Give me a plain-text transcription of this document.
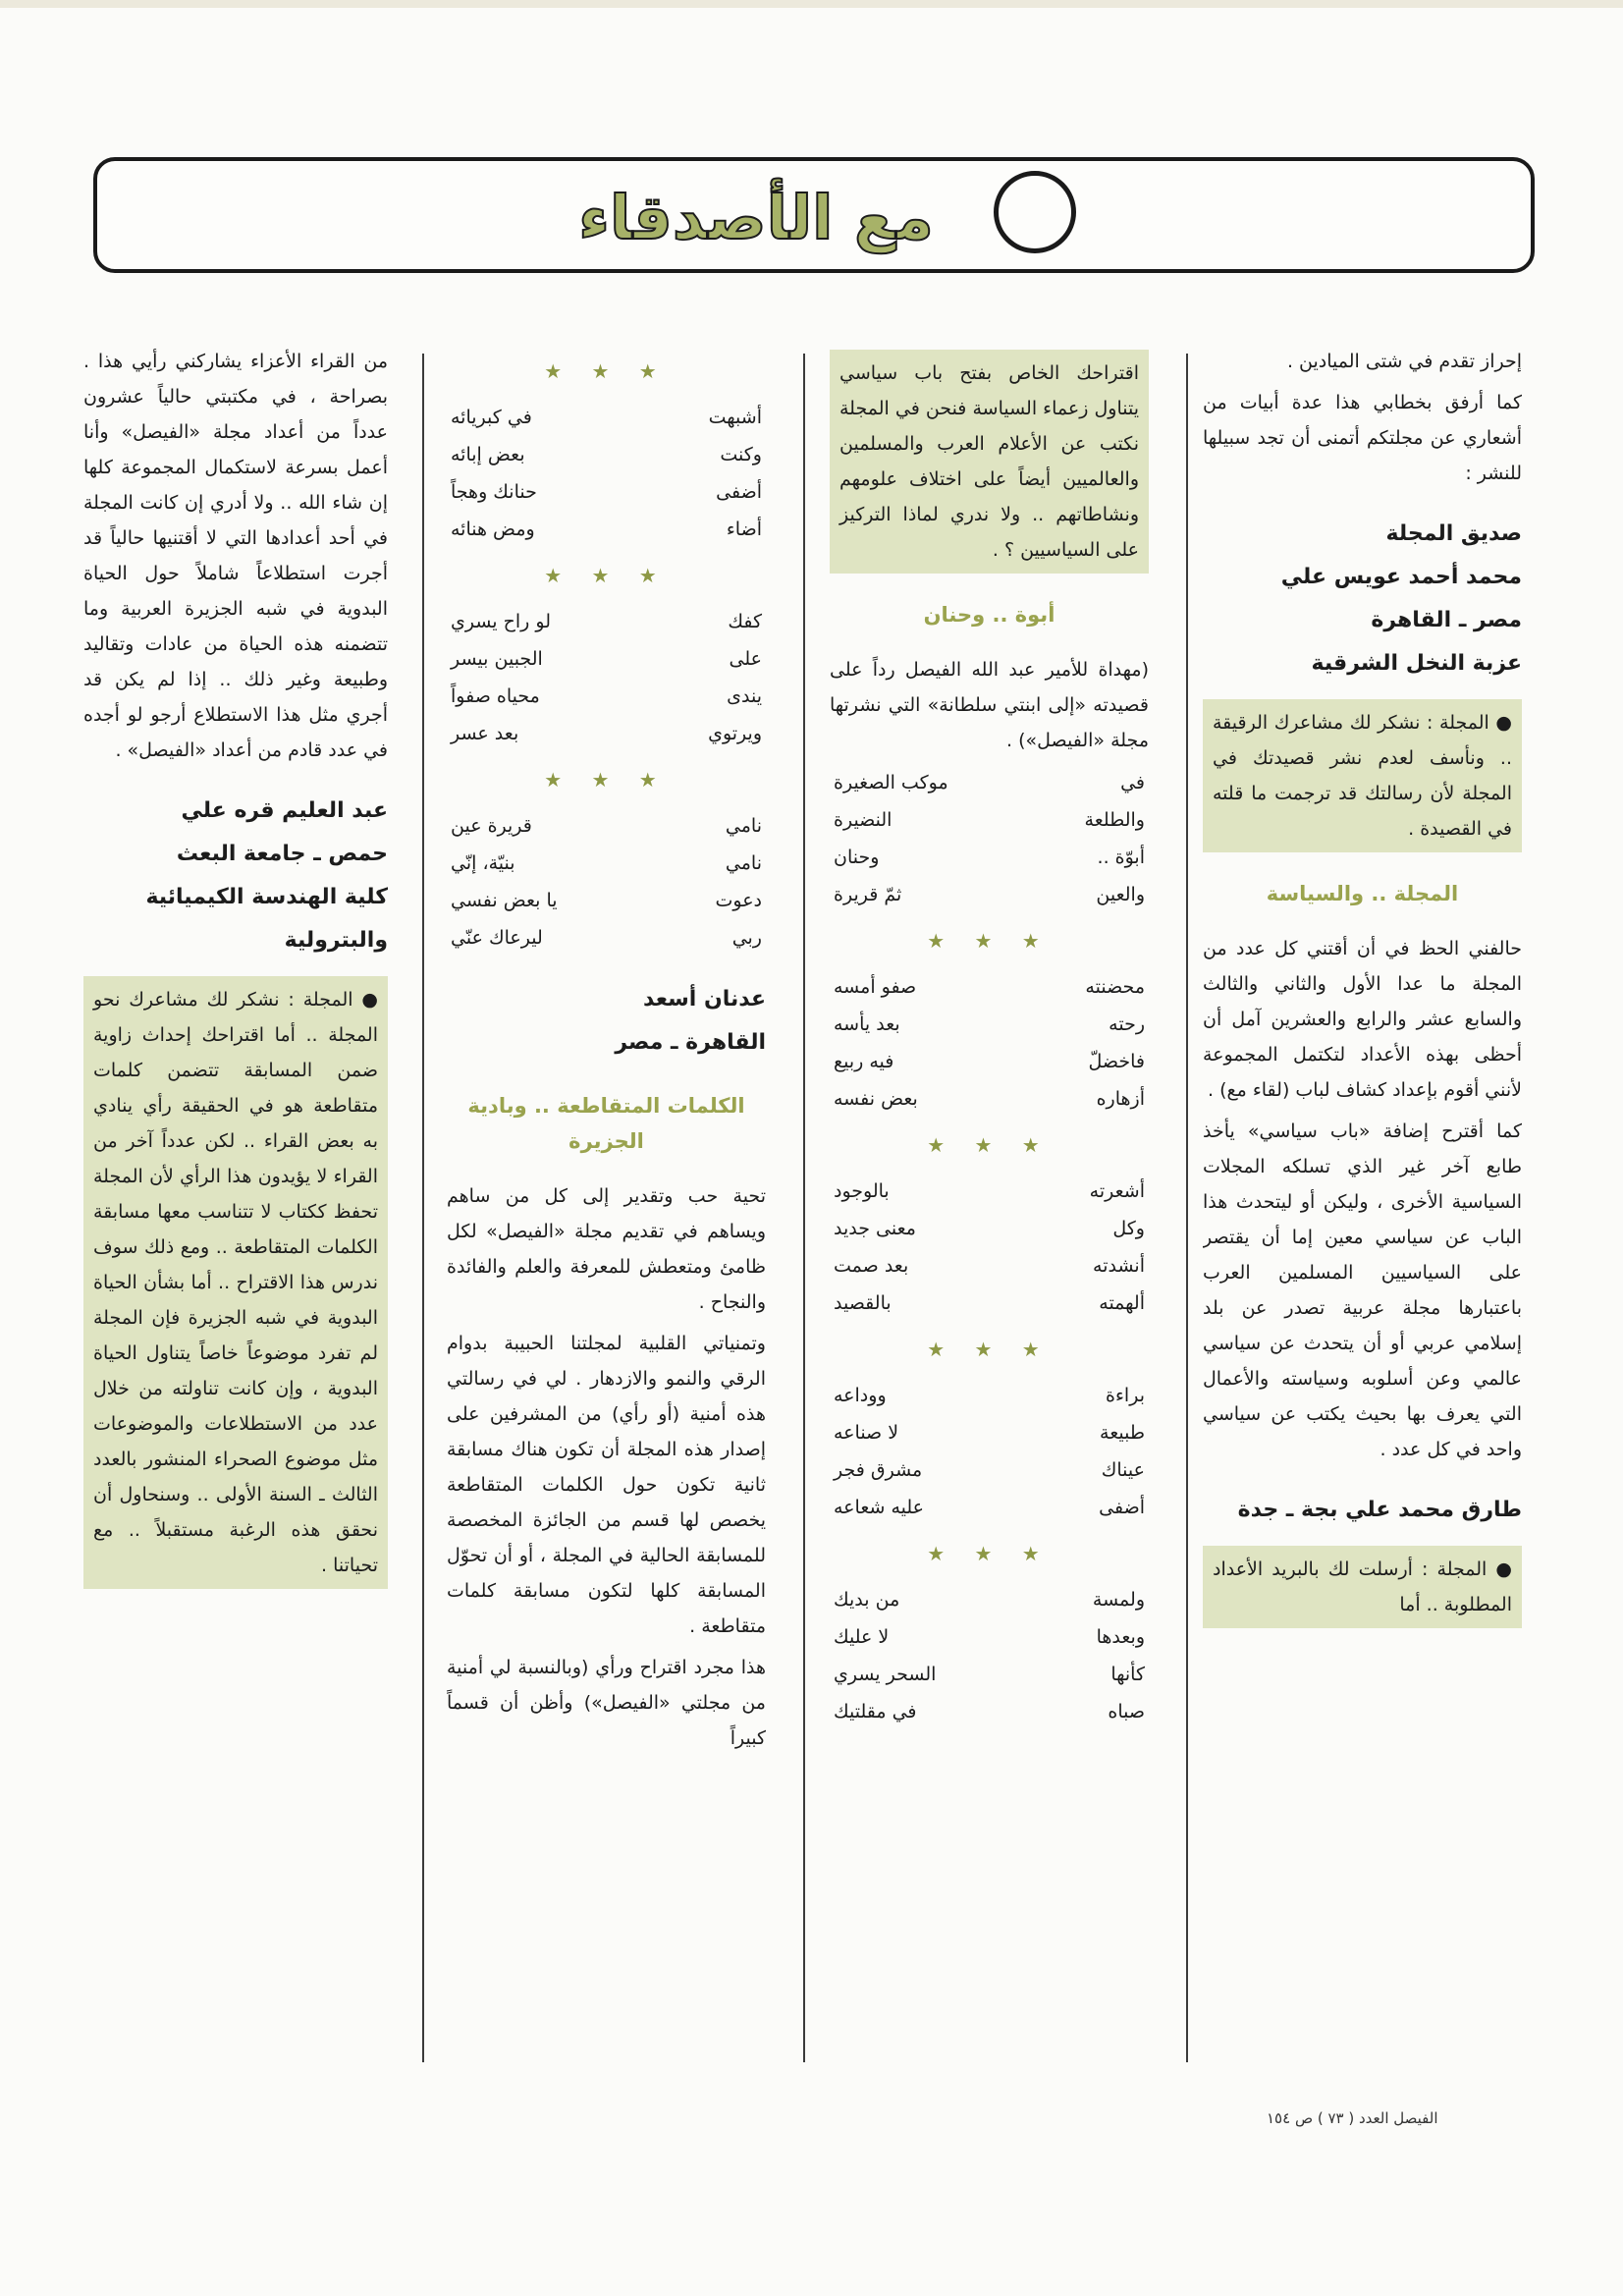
مع الأصدقاء

إحراز تقدم في شتى الميادين .

كما أرفق بخطابي هذا عدة أبيات من أشعاري عن مجلتكم أتمنى أن تجد سبيلها للنشر :

صديق المجلة
محمد أحمد عويس علي
مصر ـ القاهرة
عزبة النخل الشرقية
● المجلة : نشكر لك مشاعرك الرقيقة .. ونأسف لعدم نشر قصيدتك في المجلة لأن رسالتك قد ترجمت ما قلته في القصيدة .
المجلة .. والسياسة

حالفني الحظ في أن أقتني كل عدد من المجلة ما عدا الأول والثاني والثالث والسابع عشر والرابع والعشرين آمل أن أحظى بهذه الأعداد لتكتمل المجموعة لأنني أقوم بإعداد كشاف لباب (لقاء مع) .

كما أقترح إضافة «باب سياسي» يأخذ طابع آخر غير الذي تسلكه المجلات السياسية الأخرى ، وليكن أو ليتحدث هذا الباب عن سياسي معين إما أن يقتصر على السياسيين المسلمين العرب باعتبارها مجلة عربية تصدر عن بلد إسلامي عربي أو أن يتحدث عن سياسي عالمي وعن أسلوبه وسياسته والأعمال التي يعرف بها بحيث يكتب عن سياسي واحد في كل عدد .

طارق محمد علي بجة ـ جدة
● المجلة : أرسلت لك بالبريد الأعداد المطلوبة .. أما
اقتراحك الخاص بفتح باب سياسي يتناول زعماء السياسة فنحن في المجلة نكتب عن الأعلام العرب والمسلمين والعالميين أيضاً على اختلاف علومهم ونشاطاتهم .. ولا ندري لماذا التركيز على السياسيين ؟ .
أبوة .. وحنان

(مهداة للأمير عبد الله الفيصل رداً على قصيدته «إلى ابنتي سلطانة» التي نشرتها مجلة «الفيصل») .

في
موكب الصغيرة
والطلعة
النضيرة
أبوّة ..
وحنان
والعين
ثمّ قريرة
★ ★ ★
محضنته
صفو أمسه
رحته
بعد يأسه
فاخضلّ
فيه ربيع
أزهاره
بعض نفسه
★ ★ ★
أشعرته
بالوجود
وكل
معنى جديد
أنشدته
بعد صمت
ألهمته
بالقصيد
★ ★ ★
براءة
ووداعه
طبيعة
لا صناعه
عيناك
مشرق فجر
أضفى
عليه شعاعه
★ ★ ★
ولمسة
من بديك
وبعدها
لا عليك
كأنها
السحر يسري
صباه
في مقلتيك
★ ★ ★
أشبهت
في كبريائه
وكنت
بعض إبائه
أضفى
حنانك وهجاً
أضاء
ومض هنائه
★ ★ ★
كفك
لو راح يسري
على
الجبين بيسر
يندى
محياه صفواً
ويرتوي
بعد عسر
★ ★ ★
نامي
قريرة عين
نامي
بنيّة، إنّي
دعوت
يا بعض نفسي
ربي
ليرعاك عنّي
عدنان أسعد
القاهرة ـ مصر
الكلمات المتقاطعة .. وبادية الجزيرة

تحية حب وتقدير إلى كل من ساهم ويساهم في تقديم مجلة «الفيصل» لكل ظامئ ومتعطش للمعرفة والعلم والفائدة والنجاح .

وتمنياتي القلبية لمجلتنا الحبيبة بدوام الرقي والنمو والازدهار . لي في رسالتي هذه أمنية (أو رأي) من المشرفين على إصدار هذه المجلة أن تكون هناك مسابقة ثانية تكون حول الكلمات المتقاطعة يخصص لها قسم من الجائزة المخصصة للمسابقة الحالية في المجلة ، أو أن تحوّل المسابقة كلها لتكون مسابقة كلمات متقاطعة .

هذا مجرد اقتراح ورأي (وبالنسبة لي أمنية من مجلتي «الفيصل») وأظن أن قسماً كبيراً

من القراء الأعزاء يشاركني رأيي هذا . بصراحة ، في مكتبتي حالياً عشرون عدداً من أعداد مجلة «الفيصل» وأنا أعمل بسرعة لاستكمال المجموعة كلها إن شاء الله .. ولا أدري إن كانت المجلة في أحد أعدادها التي لا أقتنيها حالياً قد أجرت استطلاعاً شاملاً حول الحياة البدوية في شبه الجزيرة العربية وما تتضمنه هذه الحياة من عادات وتقاليد وطبيعة وغير ذلك .. إذا لم يكن قد أجري مثل هذا الاستطلاع أرجو لو أجده في عدد قادم من أعداد «الفيصل» .

عبد العليم قره علي
حمص ـ جامعة البعث
كلية الهندسة الكيميائية والبترولية
● المجلة : نشكر لك مشاعرك نحو المجلة .. أما اقتراحك إحداث زاوية ضمن المسابقة تتضمن كلمات متقاطعة هو في الحقيقة رأي ينادي به بعض القراء .. لكن عدداً آخر من القراء لا يؤيدون هذا الرأي لأن المجلة تحفظ ككتاب لا تتناسب معها مسابقة الكلمات المتقاطعة .. ومع ذلك سوف ندرس هذا الاقتراح .. أما بشأن الحياة البدوية في شبه الجزيرة فإن المجلة لم تفرد موضوعاً خاصاً يتناول الحياة البدوية ، وإن كانت تناولته من خلال عدد من الاستطلاعات والموضوعات مثل موضوع الصحراء المنشور بالعدد الثالث ـ السنة الأولى .. وسنحاول أن نحقق هذه الرغبة مستقبلاً .. مع تحياتنا .
الفيصل العدد ( ٧٣ ) ص ١٥٤
